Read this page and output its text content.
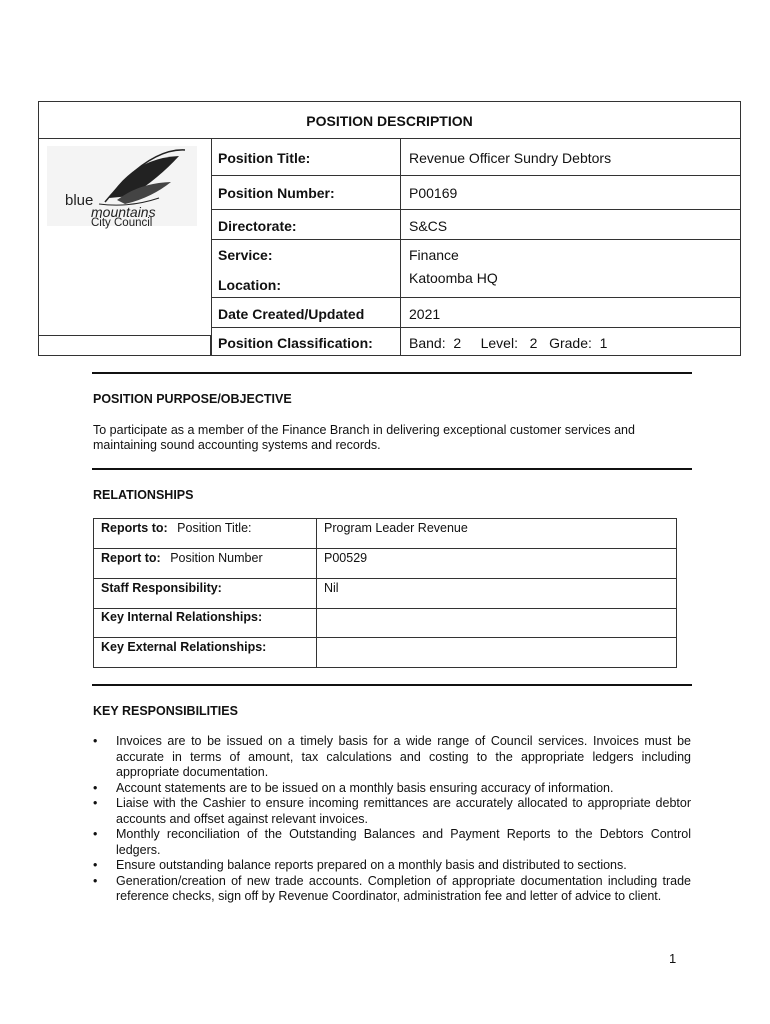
POSITION DESCRIPTION
blue
mountains
City Council
Position Title:	Revenue Officer Sundry Debtors
Position Number:	P00169
Directorate:	S&CS
Service:	Finance
Location:	Katoomba HQ
Date Created/Updated	2021
Position Classification:	Band:  2     Level:   2   Grade:  1
POSITION PURPOSE/OBJECTIVE
To participate as a member of the Finance Branch in delivering exceptional customer services and maintaining sound accounting systems and records.
RELATIONSHIPS
Reports to: Position Title:	Program Leader Revenue
Report to: Position Number	P00529
Staff Responsibility:	Nil
Key Internal Relationships:
Key External Relationships:
KEY RESPONSIBILITIES
• Invoices are to be issued on a timely basis for a wide range of Council services. Invoices must be accurate in terms of amount, tax calculations and costing to the appropriate ledgers including appropriate documentation.
• Account statements are to be issued on a monthly basis ensuring accuracy of information.
• Liaise with the Cashier to ensure incoming remittances are accurately allocated to appropriate debtor accounts and offset against relevant invoices.
• Monthly reconciliation of the Outstanding Balances and Payment Reports to the Debtors Control ledgers.
• Ensure outstanding balance reports prepared on a monthly basis and distributed to sections.
• Generation/creation of new trade accounts. Completion of appropriate documentation including trade reference checks, sign off by Revenue Coordinator, administration fee and letter of advice to client.
1
